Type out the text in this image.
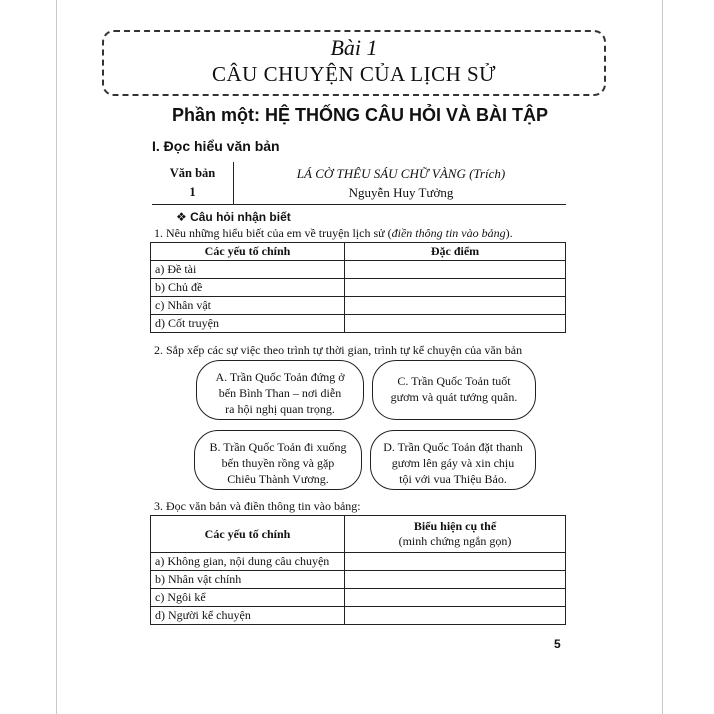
Bài 1
CÂU CHUYỆN CỦA LỊCH SỬ
Phần một: HỆ THỐNG CÂU HỎI VÀ BÀI TẬP
I. Đọc hiểu văn bản
Văn bản
1
LÁ CỜ THÊU SÁU CHỮ VÀNG (Trích)
Nguyễn Huy Tưởng
❖ Câu hỏi nhận biết
1. Nêu những hiểu biết của em về truyện lịch sử (điền thông tin vào bảng).
Các yếu tố chính	Đặc điểm
a) Đề tài	
b) Chủ đề	
c) Nhân vật	
d) Cốt truyện	
2. Sắp xếp các sự việc theo trình tự thời gian, trình tự kể chuyện của văn bản
A. Trần Quốc Toản đứng ở
bến Bình Than – nơi diễn
ra hội nghị quan trọng.
C. Trần Quốc Toản tuốt
gươm và quát tướng quân.
B. Trần Quốc Toản đi xuống
bến thuyền rồng và gặp
Chiêu Thành Vương.
D. Trần Quốc Toản đặt thanh
gươm lên gáy và xin chịu
tội với vua Thiệu Bảo.
3. Đọc văn bản và điền thông tin vào bảng:
Các yếu tố chính	Biểu hiện cụ thể
(minh chứng ngắn gọn)

a) Không gian, nội dung câu chuyện	
b) Nhân vật chính	
c) Ngôi kể	
d) Người kể chuyện	
5
